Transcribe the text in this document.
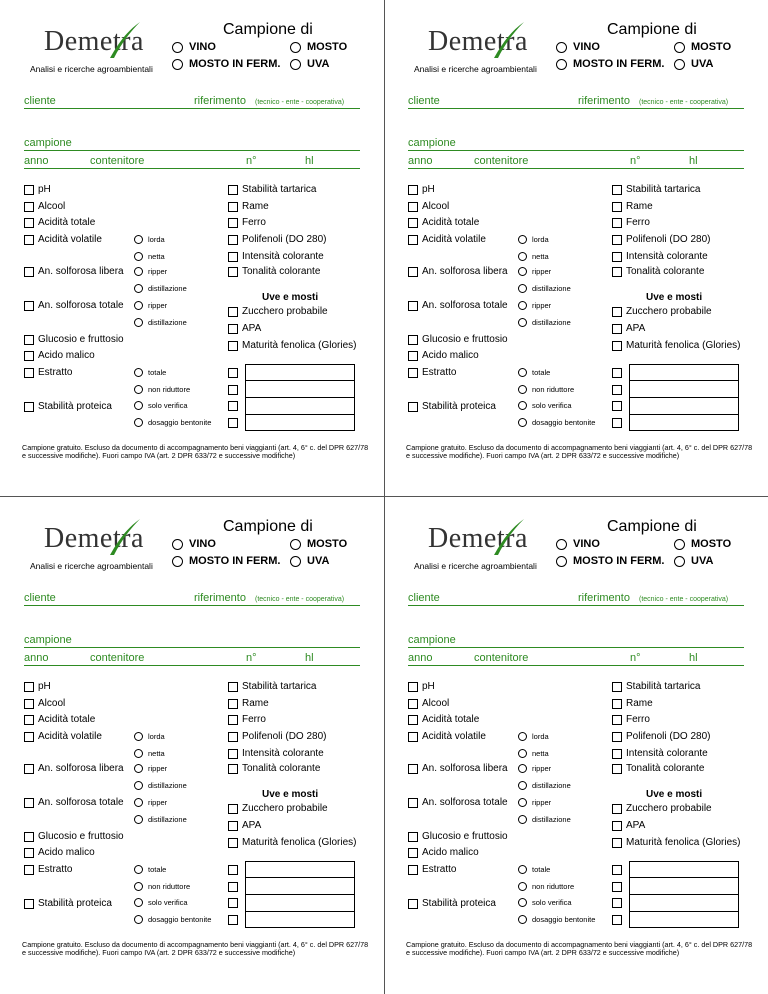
Demetra
Analisi e ricerche agroambientali
Campione di
VINO	MOSTO
MOSTO IN FERM. UVA
cliente	riferimento (tecnico - ente - cooperativa)
campione
anno	contenitore	n°	hl
pH
Alcool
Acidità totale
Acidità volatile
An. solforosa libera
An. solforosa totale
Glucosio e fruttosio
Acido malico
Estratto
Stabilità proteica
lorda
netta
ripper
distillazione
ripper
distillazione
totale
non riduttore
solo verifica
dosaggio bentonite
Stabilità tartarica
Rame
Ferro
Polifenoli (DO 280)
Intensità colorante
Tonalità colorante
Uve e mosti
Zucchero probabile
APA
Maturità fenolica (Glories)
Campione gratuito. Escluso da documento di accompagnamento beni viaggianti (art. 4, 6° c. del DPR 627/78 e successive modifiche). Fuori campo IVA (art. 2 DPR 633/72 e successive modifiche)
Demetra
Analisi e ricerche agroambientali
Campione di
VINO	MOSTO
MOSTO IN FERM. UVA
cliente	riferimento (tecnico - ente - cooperativa)
campione
anno	contenitore	n°	hl
pH
Alcool
Acidità totale
Acidità volatile
An. solforosa libera
An. solforosa totale
Glucosio e fruttosio
Acido malico
Estratto
Stabilità proteica
lorda
netta
ripper
distillazione
ripper
distillazione
totale
non riduttore
solo verifica
dosaggio bentonite
Stabilità tartarica
Rame
Ferro
Polifenoli (DO 280)
Intensità colorante
Tonalità colorante
Uve e mosti
Zucchero probabile
APA
Maturità fenolica (Glories)
Campione gratuito. Escluso da documento di accompagnamento beni viaggianti (art. 4, 6° c. del DPR 627/78 e successive modifiche). Fuori campo IVA (art. 2 DPR 633/72 e successive modifiche)
Demetra
Analisi e ricerche agroambientali
Campione di
VINO	MOSTO
MOSTO IN FERM. UVA
cliente	riferimento (tecnico - ente - cooperativa)
campione
anno	contenitore	n°	hl
pH
Alcool
Acidità totale
Acidità volatile
An. solforosa libera
An. solforosa totale
Glucosio e fruttosio
Acido malico
Estratto
Stabilità proteica
lorda
netta
ripper
distillazione
ripper
distillazione
totale
non riduttore
solo verifica
dosaggio bentonite
Stabilità tartarica
Rame
Ferro
Polifenoli (DO 280)
Intensità colorante
Tonalità colorante
Uve e mosti
Zucchero probabile
APA
Maturità fenolica (Glories)
Campione gratuito. Escluso da documento di accompagnamento beni viaggianti (art. 4, 6° c. del DPR 627/78 e successive modifiche). Fuori campo IVA (art. 2 DPR 633/72 e successive modifiche)
Demetra
Analisi e ricerche agroambientali
Campione di
VINO	MOSTO
MOSTO IN FERM. UVA
cliente	riferimento (tecnico - ente - cooperativa)
campione
anno	contenitore	n°	hl
pH
Alcool
Acidità totale
Acidità volatile
An. solforosa libera
An. solforosa totale
Glucosio e fruttosio
Acido malico
Estratto
Stabilità proteica
lorda
netta
ripper
distillazione
ripper
distillazione
totale
non riduttore
solo verifica
dosaggio bentonite
Stabilità tartarica
Rame
Ferro
Polifenoli (DO 280)
Intensità colorante
Tonalità colorante
Uve e mosti
Zucchero probabile
APA
Maturità fenolica (Glories)
Campione gratuito. Escluso da documento di accompagnamento beni viaggianti (art. 4, 6° c. del DPR 627/78 e successive modifiche). Fuori campo IVA (art. 2 DPR 633/72 e successive modifiche)
